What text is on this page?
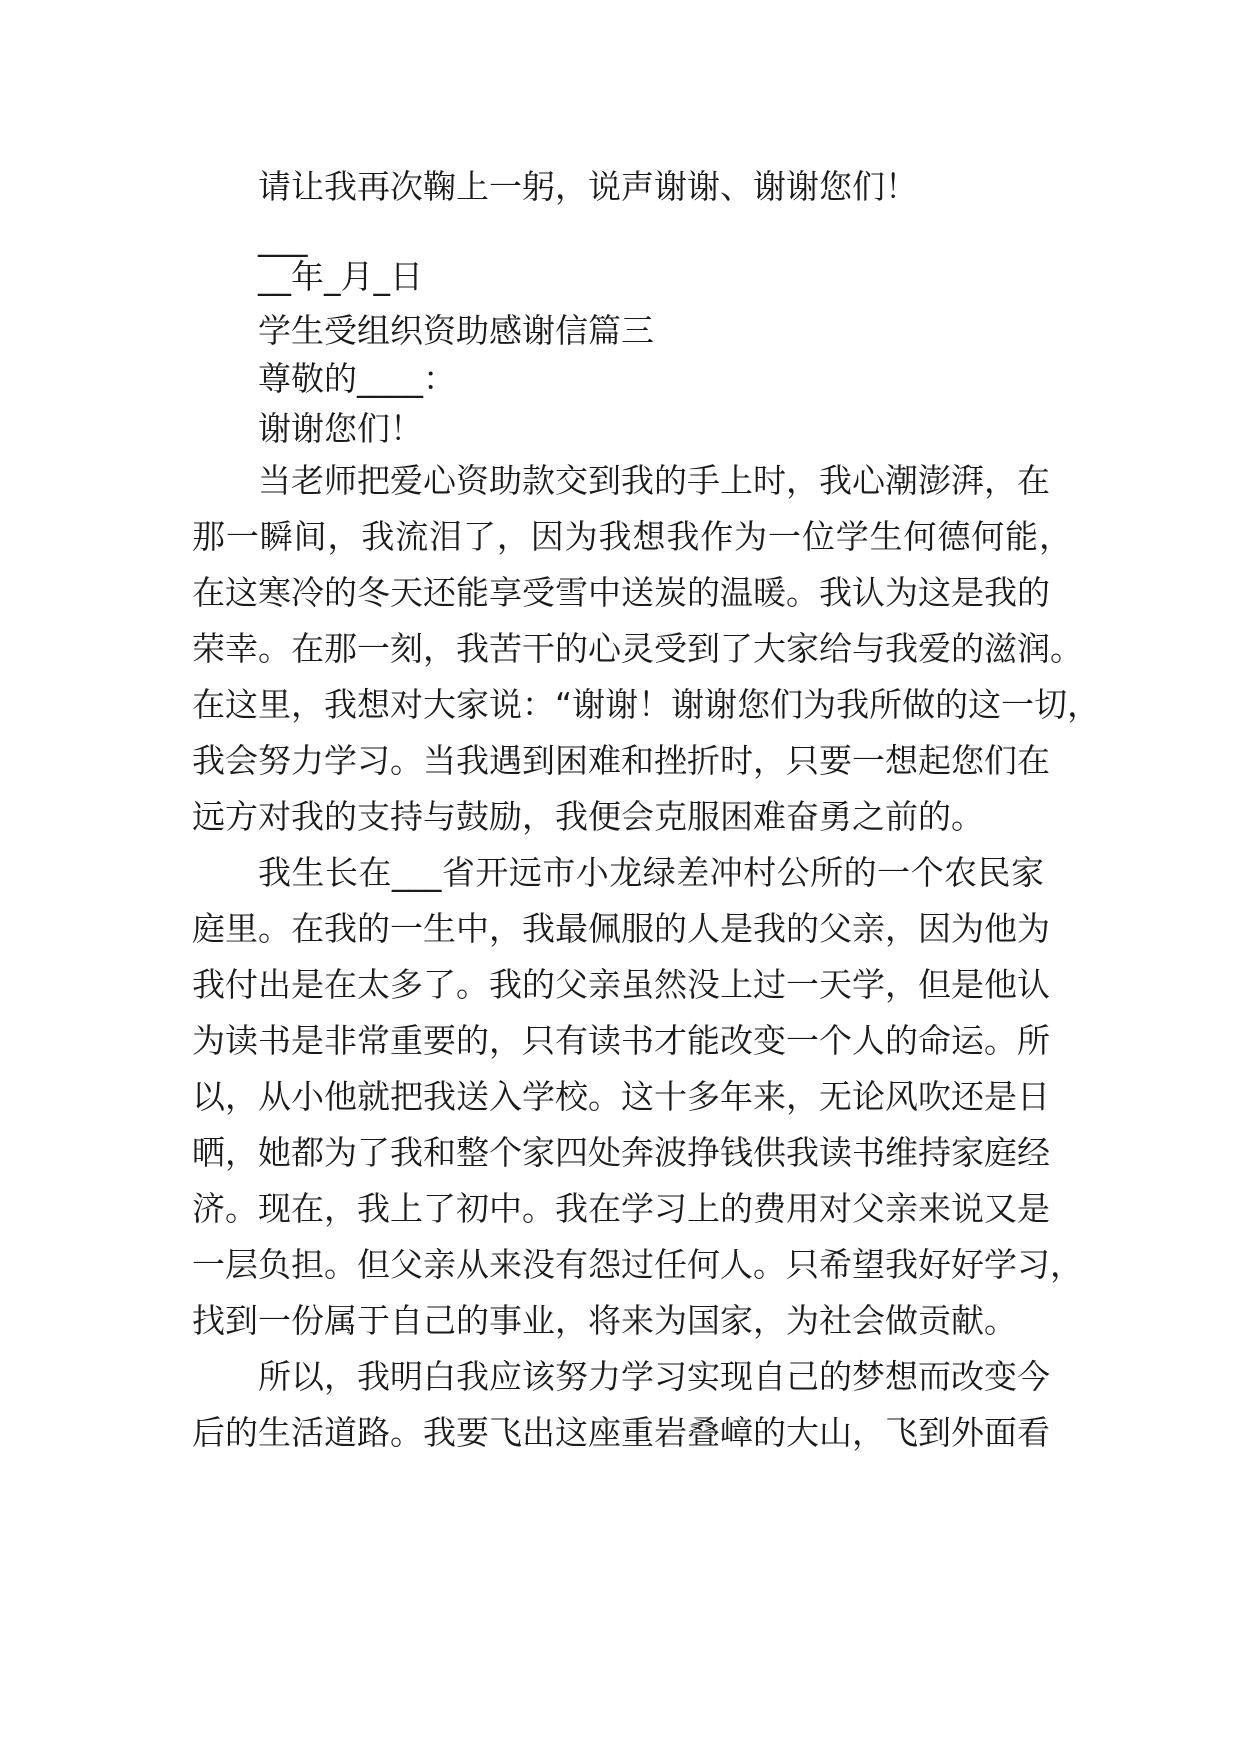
请让我再次鞠上一躬，说声谢谢、谢谢您们！
___
__年_月_日
学生受组织资助感谢信篇三
尊敬的____：
谢谢您们！
当老师把爱心资助款交到我的手上时，我心潮澎湃，在
那一瞬间，我流泪了，因为我想我作为一位学生何德何能，
在这寒冷的冬天还能享受雪中送炭的温暖。我认为这是我的
荣幸。在那一刻，我苦干的心灵受到了大家给与我爱的滋润。
在这里，我想对大家说：“谢谢！谢谢您们为我所做的这一切，
我会努力学习。当我遇到困难和挫折时，只要一想起您们在
远方对我的支持与鼓励，我便会克服困难奋勇之前的。
我生长在___省开远市小龙绿差冲村公所的一个农民家
庭里。在我的一生中，我最佩服的人是我的父亲，因为他为
我付出是在太多了。我的父亲虽然没上过一天学，但是他认
为读书是非常重要的，只有读书才能改变一个人的命运。所
以，从小他就把我送入学校。这十多年来，无论风吹还是日
晒，她都为了我和整个家四处奔波挣钱供我读书维持家庭经
济。现在，我上了初中。我在学习上的费用对父亲来说又是
一层负担。但父亲从来没有怨过任何人。只希望我好好学习，
找到一份属于自己的事业，将来为国家，为社会做贡献。
所以，我明白我应该努力学习实现自己的梦想而改变今
后的生活道路。我要飞出这座重岩叠嶂的大山，飞到外面看
